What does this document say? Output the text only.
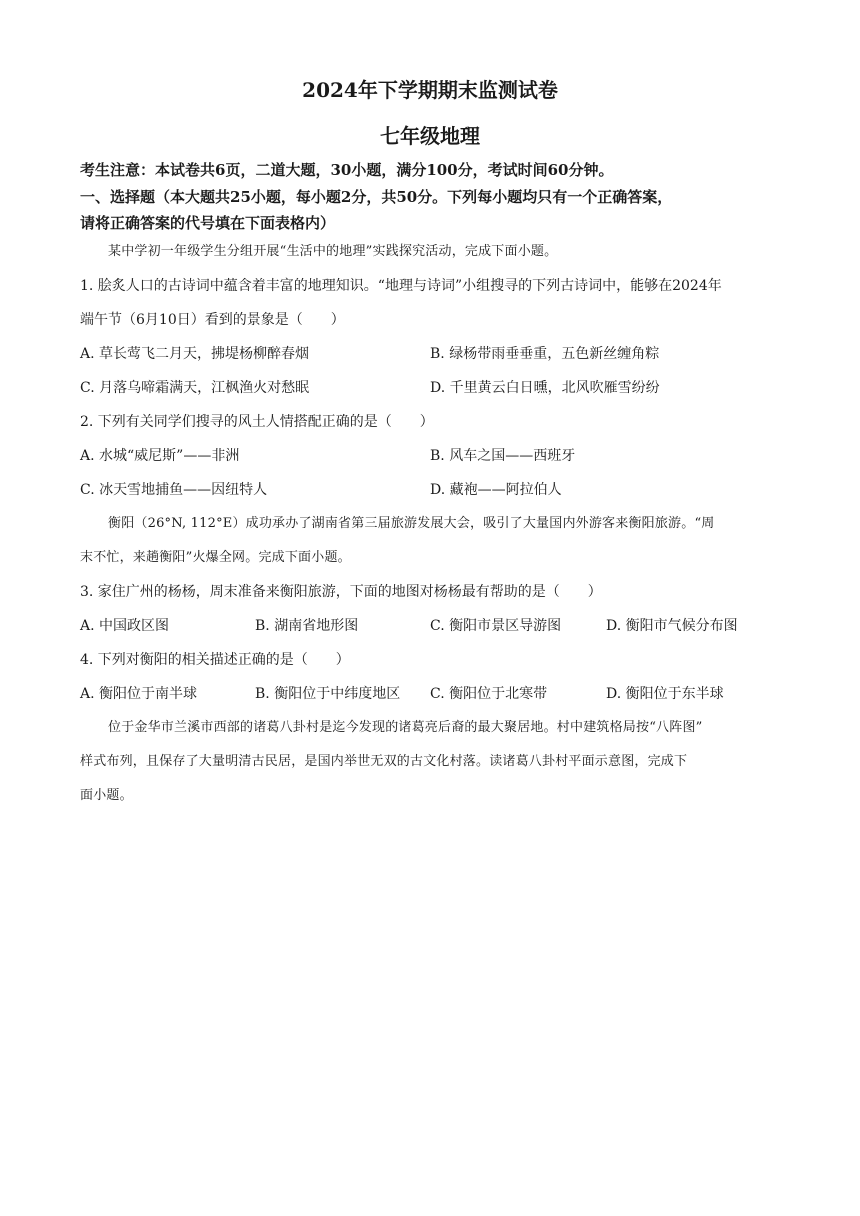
2024年下学期期末监测试卷
七年级地理
考生注意：本试卷共6页，二道大题，30小题，满分100分，考试时间60分钟。
一、选择题（本大题共25小题，每小题2分，共50分。下列每小题均只有一个正确答案，
请将正确答案的代号填在下面表格内）
某中学初一年级学生分组开展“生活中的地理”实践探究活动，完成下面小题。
1. 脍炙人口的古诗词中蕴含着丰富的地理知识。“地理与诗词”小组搜寻的下列古诗词中，能够在2024年
端午节（6月10日）看到的景象是（　　）
A. 草长莺飞二月天，拂堤杨柳醉春烟	B. 绿杨带雨垂垂重，五色新丝缠角粽
C. 月落乌啼霜满天，江枫渔火对愁眠	D. 千里黄云白日曛，北风吹雁雪纷纷
2. 下列有关同学们搜寻的风土人情搭配正确的是（　　）
A. 水城“威尼斯”——非洲	B. 风车之国——西班牙
C. 冰天雪地捕鱼——因纽特人	D. 藏袍——阿拉伯人
衡阳（26°N, 112°E）成功承办了湖南省第三届旅游发展大会，吸引了大量国内外游客来衡阳旅游。“周
末不忙，来趟衡阳”火爆全网。完成下面小题。
3. 家住广州的杨杨，周末准备来衡阳旅游，下面的地图对杨杨最有帮助的是（　　）
A. 中国政区图	B. 湖南省地形图	C. 衡阳市景区导游图	D. 衡阳市气候分布图
4. 下列对衡阳的相关描述正确的是（　　）
A. 衡阳位于南半球	B. 衡阳位于中纬度地区 C. 衡阳位于北寒带	D. 衡阳位于东半球
位于金华市兰溪市西部的诸葛八卦村是迄今发现的诸葛亮后裔的最大聚居地。村中建筑格局按“八阵图”
样式布列，且保存了大量明清古民居，是国内举世无双的古文化村落。读诸葛八卦村平面示意图，完成下
面小题。
